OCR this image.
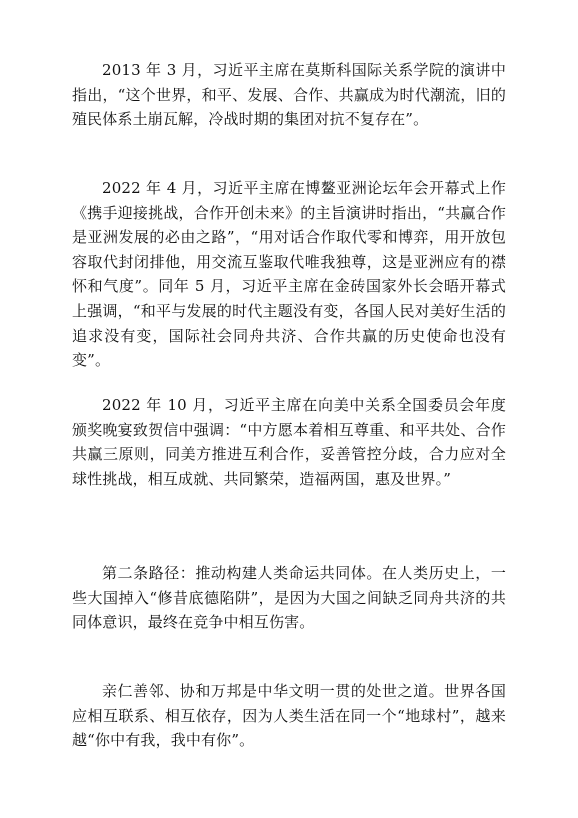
2013 年 3 月，习近平主席在莫斯科国际关系学院的演讲中指出，“这个世界，和平、发展、合作、共赢成为时代潮流，旧的殖民体系土崩瓦解，冷战时期的集团对抗不复存在”。

2022 年 4 月，习近平主席在博鳌亚洲论坛年会开幕式上作《携手迎接挑战，合作开创未来》的主旨演讲时指出，“共赢合作是亚洲发展的必由之路”，“用对话合作取代零和博弈，用开放包容取代封闭排他，用交流互鉴取代唯我独尊，这是亚洲应有的襟怀和气度”。同年 5 月，习近平主席在金砖国家外长会晤开幕式上强调，“和平与发展的时代主题没有变，各国人民对美好生活的追求没有变，国际社会同舟共济、合作共赢的历史使命也没有变”。

2022 年 10 月，习近平主席在向美中关系全国委员会年度颁奖晚宴致贺信中强调：“中方愿本着相互尊重、和平共处、合作共赢三原则，同美方推进互利合作，妥善管控分歧，合力应对全球性挑战，相互成就、共同繁荣，造福两国，惠及世界。”

第二条路径：推动构建人类命运共同体。在人类历史上，一些大国掉入“修昔底德陷阱”，是因为大国之间缺乏同舟共济的共同体意识，最终在竞争中相互伤害。

亲仁善邻、协和万邦是中华文明一贯的处世之道。世界各国应相互联系、相互依存，因为人类生活在同一个“地球村”，越来越“你中有我，我中有你”。
